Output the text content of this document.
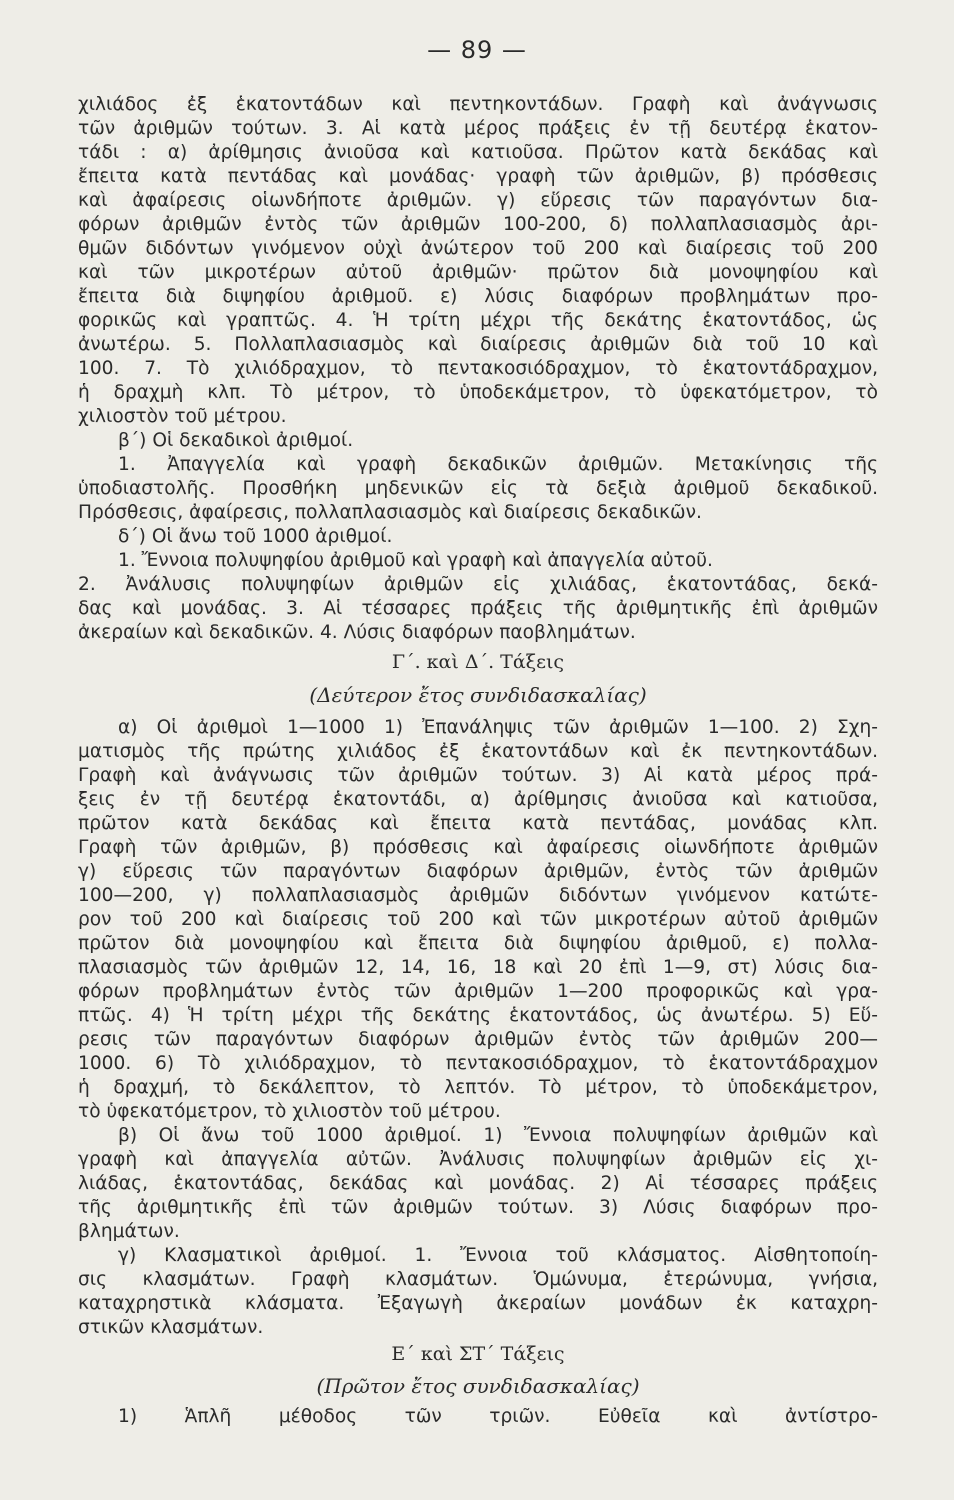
— 89 —
χιλιάδος ἐξ ἑκατοντάδων καὶ πεντηκοντάδων. Γραφὴ καὶ ἀνάγνωσις
τῶν ἀριθμῶν τούτων. 3. Αἱ κατὰ μέρος πράξεις ἐν τῇ δευτέρᾳ ἑκατον-
τάδι : α) ἀρίθμησις ἀνιοῦσα καὶ κατιοῦσα. Πρῶτον κατὰ δεκάδας καὶ
ἔπειτα κατὰ πεντάδας καὶ μονάδας· γραφὴ τῶν ἀριθμῶν, β) πρόσθεσις
καὶ ἀφαίρεσις οἱωνδήποτε ἀριθμῶν. γ) εὕρεσις τῶν παραγόντων δια-
φόρων ἀριθμῶν ἐντὸς τῶν ἀριθμῶν 100-200, δ) πολλαπλασιασμὸς ἀρι-
θμῶν διδόντων γινόμενον οὐχὶ ἀνώτερον τοῦ 200 καὶ διαίρεσις τοῦ 200
καὶ τῶν μικροτέρων αὐτοῦ ἀριθμῶν· πρῶτον διὰ μονοψηφίου καὶ
ἔπειτα διὰ διψηφίου ἀριθμοῦ. ε) λύσις διαφόρων προβλημάτων προ-
φορικῶς καὶ γραπτῶς. 4. Ἡ τρίτη μέχρι τῆς δεκάτης ἑκατοντάδος, ὡς
ἀνωτέρω. 5. Πολλαπλασιασμὸς καὶ διαίρεσις ἀριθμῶν διὰ τοῦ 10 καὶ
100. 7. Τὸ χιλιόδραχμον, τὸ πεντακοσιόδραχμον, τὸ ἑκατοντάδραχμον,
ἡ δραχμὴ κλπ. Τὸ μέτρον, τὸ ὑποδεκάμετρον, τὸ ὑφεκατόμετρον, τὸ
χιλιοστὸν τοῦ μέτρου.
β΄) Οἱ δεκαδικοὶ ἀριθμοί.
1. Ἀπαγγελία καὶ γραφὴ δεκαδικῶν ἀριθμῶν. Μετακίνησις τῆς
ὑποδιαστολῆς. Προσθήκη μηδενικῶν εἰς τὰ δεξιὰ ἀριθμοῦ δεκαδικοῦ.
Πρόσθεσις, ἀφαίρεσις, πολλαπλασιασμὸς καὶ διαίρεσις δεκαδικῶν.
δ΄) Οἱ ἄνω τοῦ 1000 ἀριθμοί.
1. Ἔννοια πολυψηφίου ἀριθμοῦ καὶ γραφὴ καὶ ἀπαγγελία αὐτοῦ.
2. Ἀνάλυσις πολυψηφίων ἀριθμῶν εἰς χιλιάδας, ἑκατοντάδας, δεκά-
δας καὶ μονάδας. 3. Αἱ τέσσαρες πράξεις τῆς ἀριθμητικῆς ἐπὶ ἀριθμῶν
ἀκεραίων καὶ δεκαδικῶν. 4. Λύσις διαφόρων παοβλημάτων.
Γ΄. καὶ Δ΄. Τάξεις
(Δεύτερον ἔτος συνδιδασκαλίας)
α) Οἱ ἀριθμοὶ 1—1000 1) Ἐπανάληψις τῶν ἀριθμῶν 1—100. 2) Σχη-
ματισμὸς τῆς πρώτης χιλιάδος ἐξ ἑκατοντάδων καὶ ἐκ πεντηκοντάδων.
Γραφὴ καὶ ἀνάγνωσις τῶν ἀριθμῶν τούτων. 3) Αἱ κατὰ μέρος πρά-
ξεις ἐν τῇ δευτέρᾳ ἑκατοντάδι, α) ἀρίθμησις ἀνιοῦσα καὶ κατιοῦσα,
πρῶτον κατὰ δεκάδας καὶ ἔπειτα κατὰ πεντάδας, μονάδας κλπ.
Γραφὴ τῶν ἀριθμῶν, β) πρόσθεσις καὶ ἀφαίρεσις οἱωνδήποτε ἀριθμῶν
γ) εὕρεσις τῶν παραγόντων διαφόρων ἀριθμῶν, ἐντὸς τῶν ἀριθμῶν
100—200, γ) πολλαπλασιασμὸς ἀριθμῶν διδόντων γινόμενον κατώτε-
ρον τοῦ 200 καὶ διαίρεσις τοῦ 200 καὶ τῶν μικροτέρων αὐτοῦ ἀριθμῶν
πρῶτον διὰ μονοψηφίου καὶ ἔπειτα διὰ διψηφίου ἀριθμοῦ, ε) πολλα-
πλασιασμὸς τῶν ἀριθμῶν 12, 14, 16, 18 καὶ 20 ἐπὶ 1—9, στ) λύσις δια-
φόρων προβλημάτων ἐντὸς τῶν ἀριθμῶν 1—200 προφορικῶς καὶ γρα-
πτῶς. 4) Ἡ τρίτη μέχρι τῆς δεκάτης ἑκατοντάδος, ὡς ἀνωτέρω. 5) Εὕ-
ρεσις τῶν παραγόντων διαφόρων ἀριθμῶν ἐντὸς τῶν ἀριθμῶν 200—
1000. 6) Τὸ χιλιόδραχμον, τὸ πεντακοσιόδραχμον, τὸ ἑκατοντάδραχμον
ἡ δραχμή, τὸ δεκάλεπτον, τὸ λεπτόν. Τὸ μέτρον, τὸ ὑποδεκάμετρον,
τὸ ὑφεκατόμετρον, τὸ χιλιοστὸν τοῦ μέτρου.
β) Οἱ ἄνω τοῦ 1000 ἀριθμοί. 1) Ἔννοια πολυψηφίων ἀριθμῶν καὶ
γραφὴ καὶ ἀπαγγελία αὐτῶν. Ἀνάλυσις πολυψηφίων ἀριθμῶν εἰς χι-
λιάδας, ἑκατοντάδας, δεκάδας καὶ μονάδας. 2) Αἱ τέσσαρες πράξεις
τῆς ἀριθμητικῆς ἐπὶ τῶν ἀριθμῶν τούτων. 3) Λύσις διαφόρων προ-
βλημάτων.
γ) Κλασματικοὶ ἀριθμοί. 1. Ἔννοια τοῦ κλάσματος. Αἰσθητοποίη-
σις κλασμάτων. Γραφὴ κλασμάτων. Ὁμώνυμα, ἑτερώνυμα, γνήσια,
καταχρηστικὰ κλάσματα. Ἐξαγωγὴ ἀκεραίων μονάδων ἐκ καταχρη-
στικῶν κλασμάτων.
Ε΄ καὶ ΣΤ΄ Τάξεις
(Πρῶτον ἔτος συνδιδασκαλίας)
1) Ἁπλῆ μέθοδος τῶν τριῶν. Εὐθεῖα καὶ ἀντίστρο-
